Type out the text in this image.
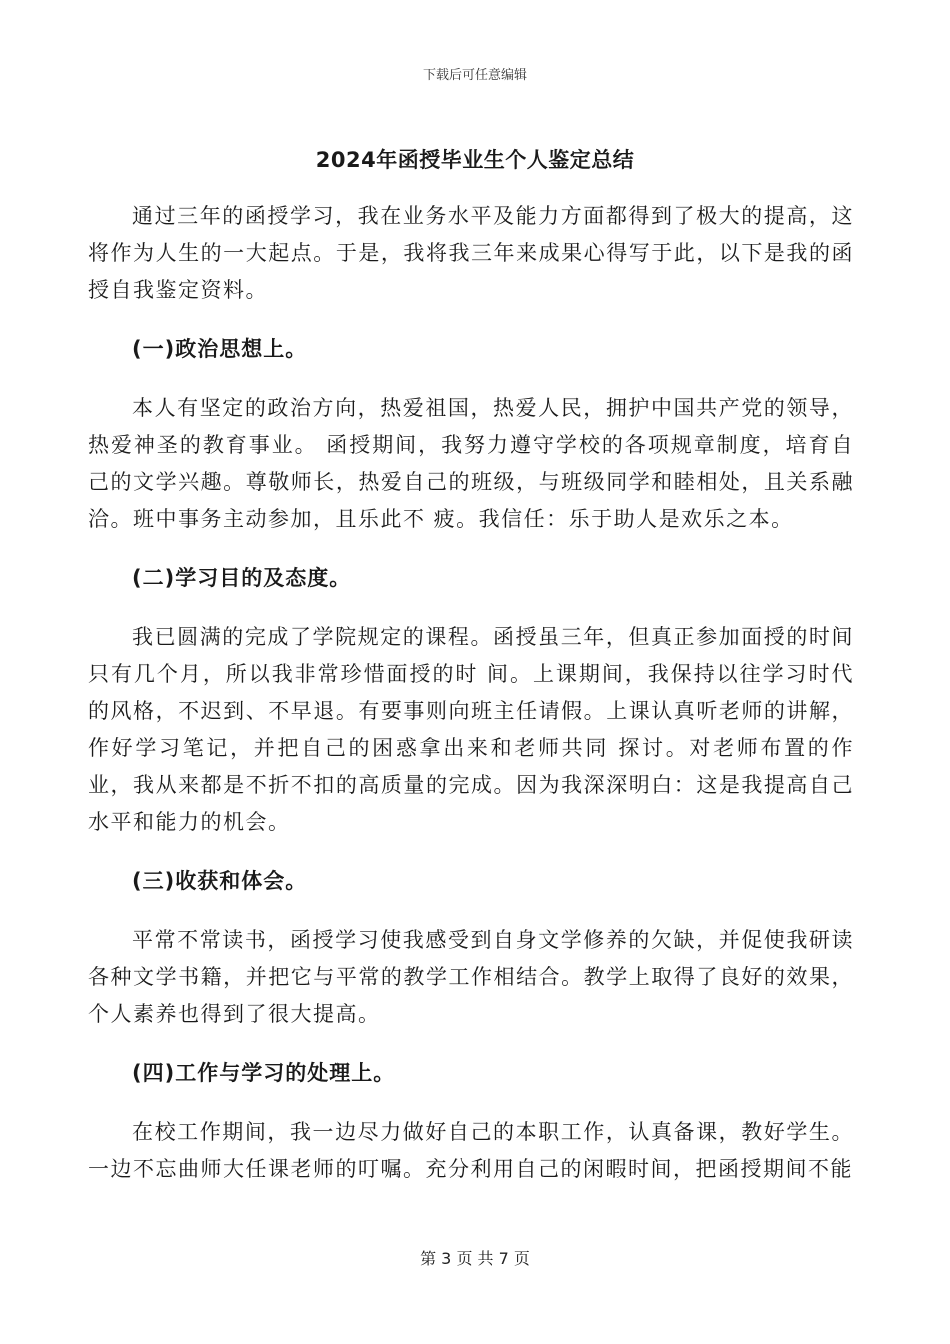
下载后可任意编辑
2024年函授毕业生个人鉴定总结

通过三年的函授学习，我在业务水平及能力方面都得到了极大的提高，这将作为人生的一大起点。于是，我将我三年来成果心得写于此，以下是我的函授自我鉴定资料。

(一)政治思想上。

本人有坚定的政治方向，热爱祖国，热爱人民，拥护中国共产党的领导，热爱神圣的教育事业。 函授期间，我努力遵守学校的各项规章制度，培育自己的文学兴趣。尊敬师长，热爱自己的班级，与班级同学和睦相处，且关系融洽。班中事务主动参加，且乐此不 疲。我信任：乐于助人是欢乐之本。

(二)学习目的及态度。

我已圆满的完成了学院规定的课程。函授虽三年，但真正参加面授的时间只有几个月，所以我非常珍惜面授的时 间。上课期间，我保持以往学习时代的风格，不迟到、不早退。有要事则向班主任请假。上课认真听老师的讲解，作好学习笔记，并把自己的困惑拿出来和老师共同 探讨。对老师布置的作业，我从来都是不折不扣的高质量的完成。因为我深深明白：这是我提高自己水平和能力的机会。

(三)收获和体会。

平常不常读书，函授学习使我感受到自身文学修养的欠缺，并促使我研读各种文学书籍，并把它与平常的教学工作相结合。教学上取得了良好的效果，个人素养也得到了很大提高。

(四)工作与学习的处理上。

在校工作期间，我一边尽力做好自己的本职工作，认真备课，教好学生。一边不忘曲师大任课老师的叮嘱。充分利用自己的闲暇时间，把函授期间不能

第 3 页 共 7 页
